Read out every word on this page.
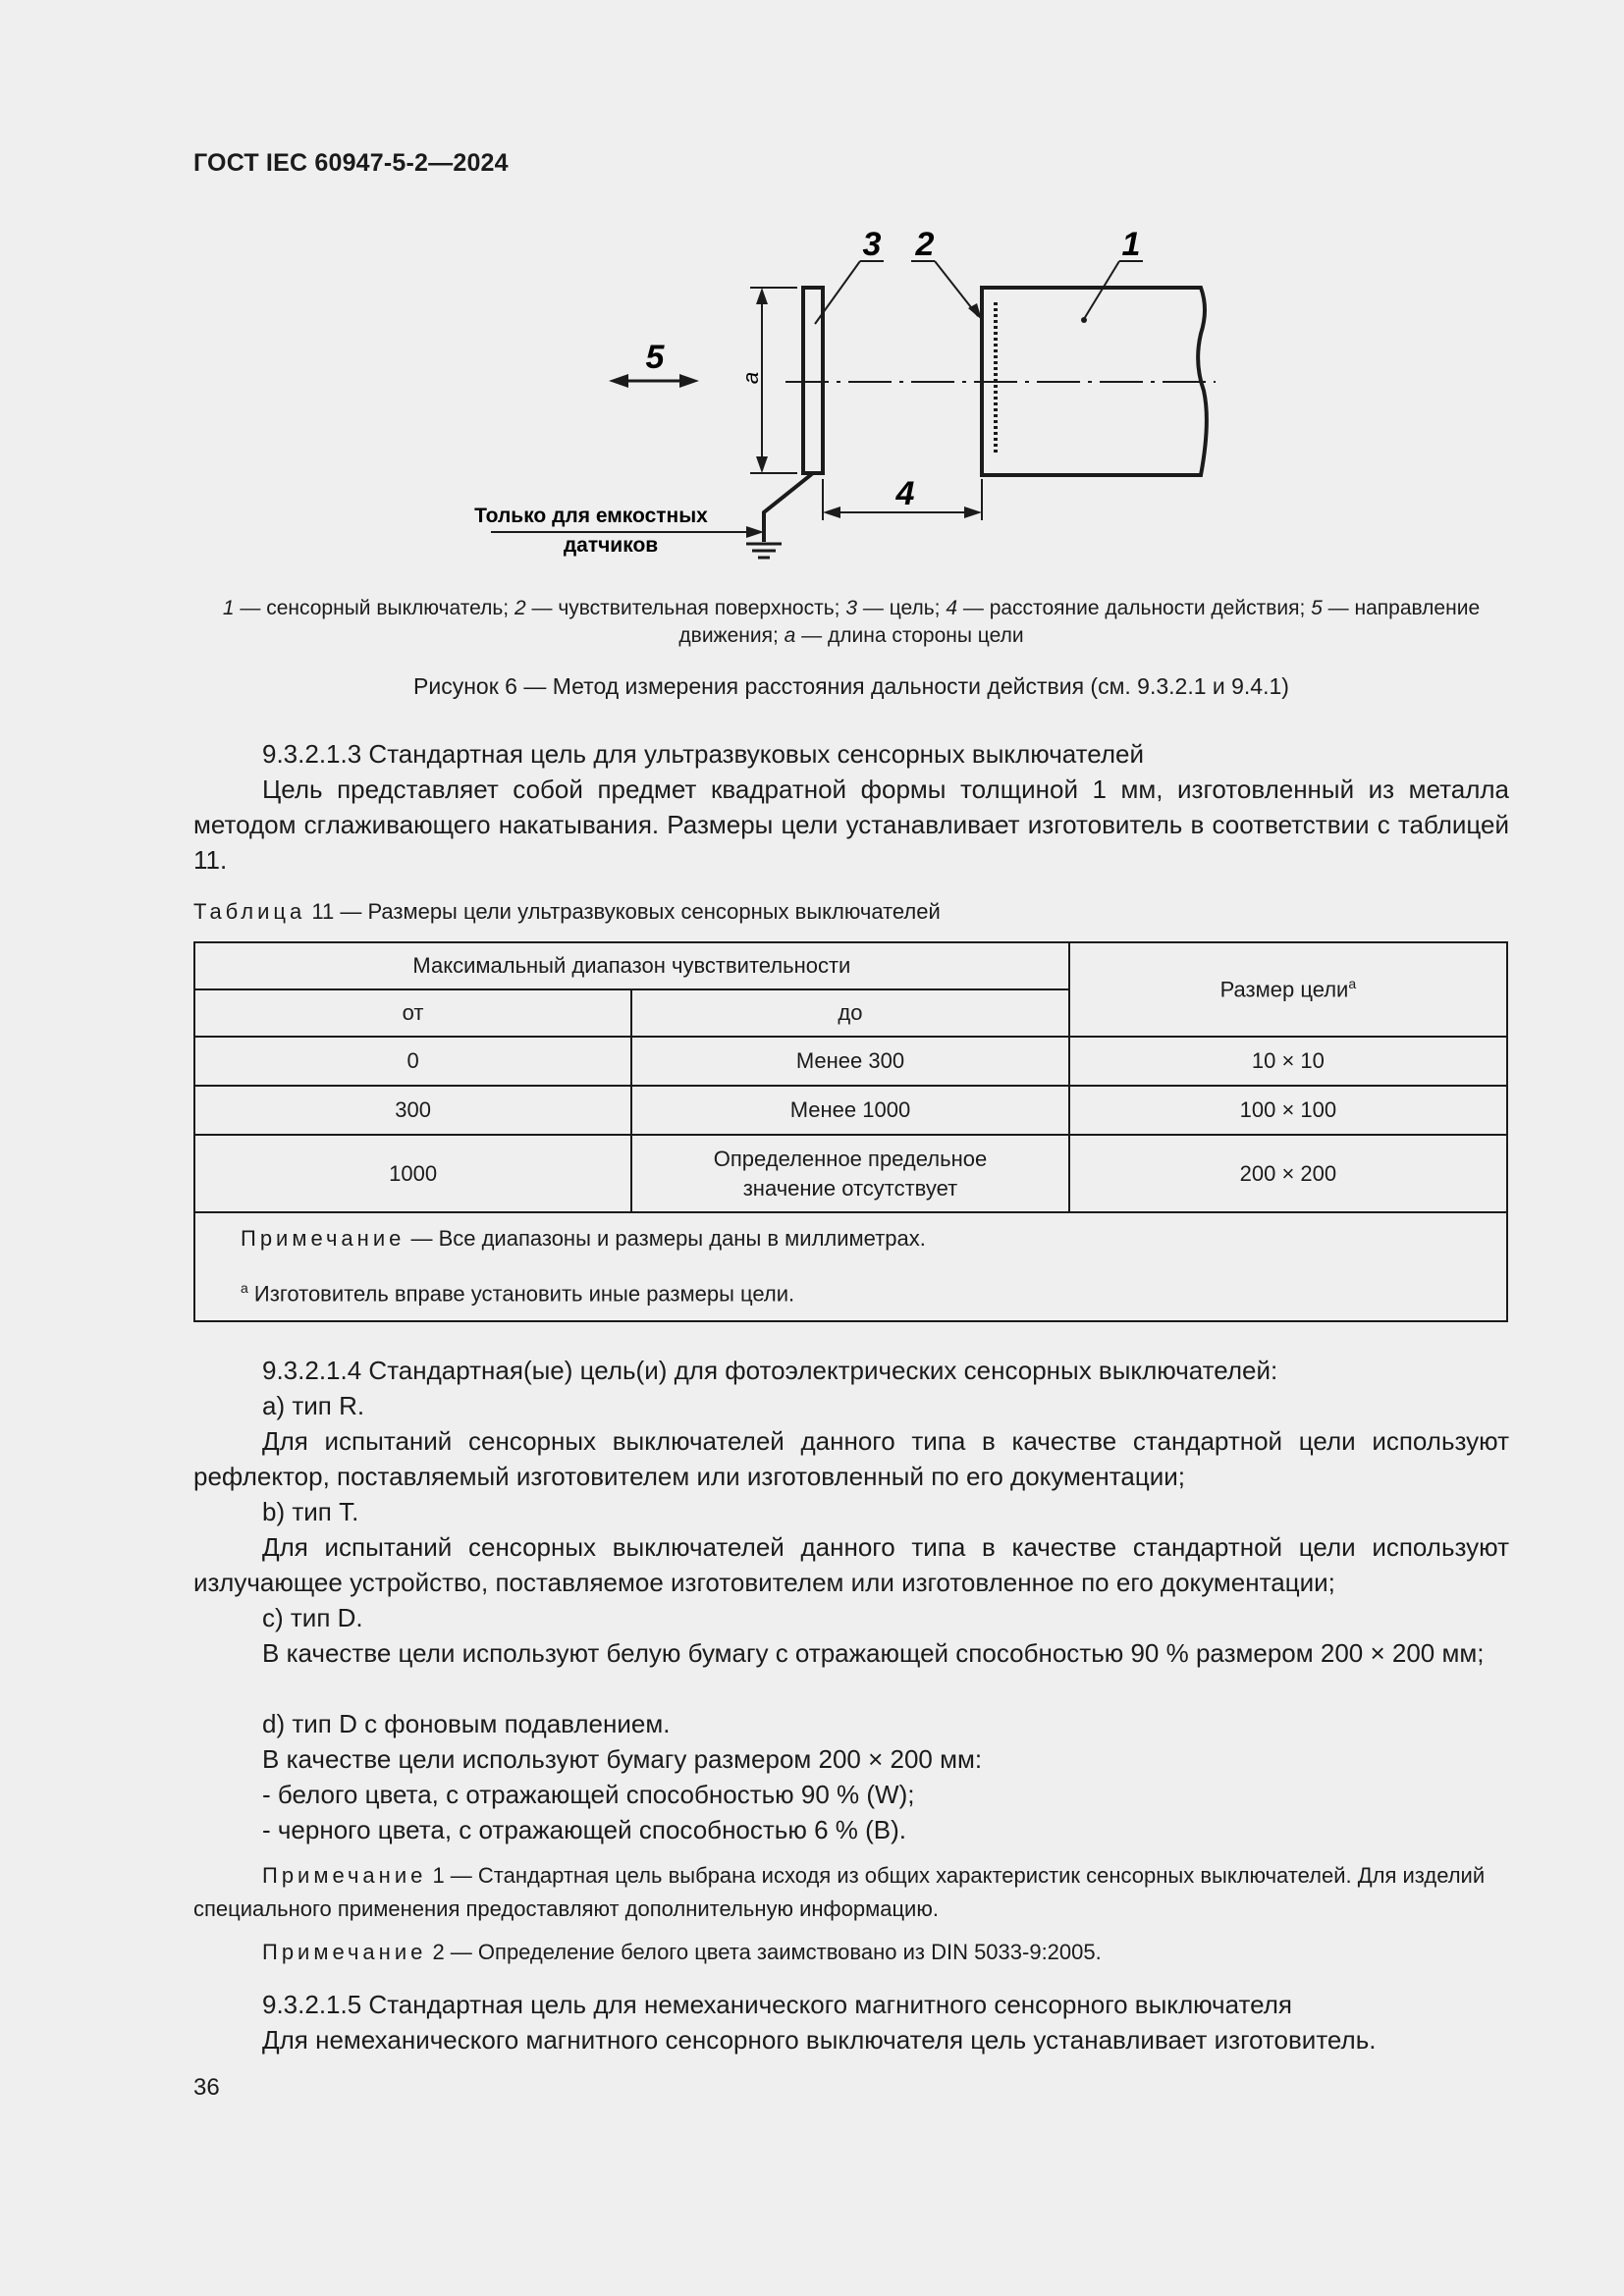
ГОСТ IEC 60947-5-2—2024
a
4
5
Только для емкостных
датчиков
3 2	1
1 — сенсорный выключатель; 2 — чувствительная поверхность; 3 — цель; 4 — расстояние дальности действия; 5 — направление движения; a — длина стороны цели
Рисунок 6 — Метод измерения расстояния дальности действия (см. 9.3.2.1 и 9.4.1)
9.3.2.1.3 Стандартная цель для ультразвуковых сенсорных выключателей
Цель представляет собой предмет квадратной формы толщиной 1 мм, изготовленный из металла методом сглаживающего накатывания. Размеры цели устанавливает изготовитель в соответствии с таблицей 11.
Таблица 11 — Размеры цели ультразвуковых сенсорных выключателей
Максимальный диапазон чувствительности		Размер цели$^a$
от	до	
0	Менее 300	10 × 10
300	Менее 1000	100 × 100
1000	Определенное предельное значение отсутствует	200 × 200

Примечание — Все диапазоны и размеры даны в миллиметрах.
$^a$ Изготовитель вправе установить иные размеры цели.		
9.3.2.1.4 Стандартная(ые) цель(и) для фотоэлектрических сенсорных выключателей:
a) тип R.
Для испытаний сенсорных выключателей данного типа в качестве стандартной цели используют рефлектор, поставляемый изготовителем или изготовленный по его документации;
b) тип T.
Для испытаний сенсорных выключателей данного типа в качестве стандартной цели используют излучающее устройство, поставляемое изготовителем или изготовленное по его документации;
c) тип D.
В качестве цели используют белую бумагу с отражающей способностью 90 % размером 200 × 200 мм;
d) тип D с фоновым подавлением.
В качестве цели используют бумагу размером 200 × 200 мм:
- белого цвета, с отражающей способностью 90 % (W);
- черного цвета, с отражающей способностью 6 % (B).
Примечание 1 — Стандартная цель выбрана исходя из общих характеристик сенсорных выключателей. Для изделий специального применения предоставляют дополнительную информацию.
Примечание 2 — Определение белого цвета заимствовано из DIN 5033-9:2005.
9.3.2.1.5 Стандартная цель для немеханического магнитного сенсорного выключателя
Для немеханического магнитного сенсорного выключателя цель устанавливает изготовитель.
36
